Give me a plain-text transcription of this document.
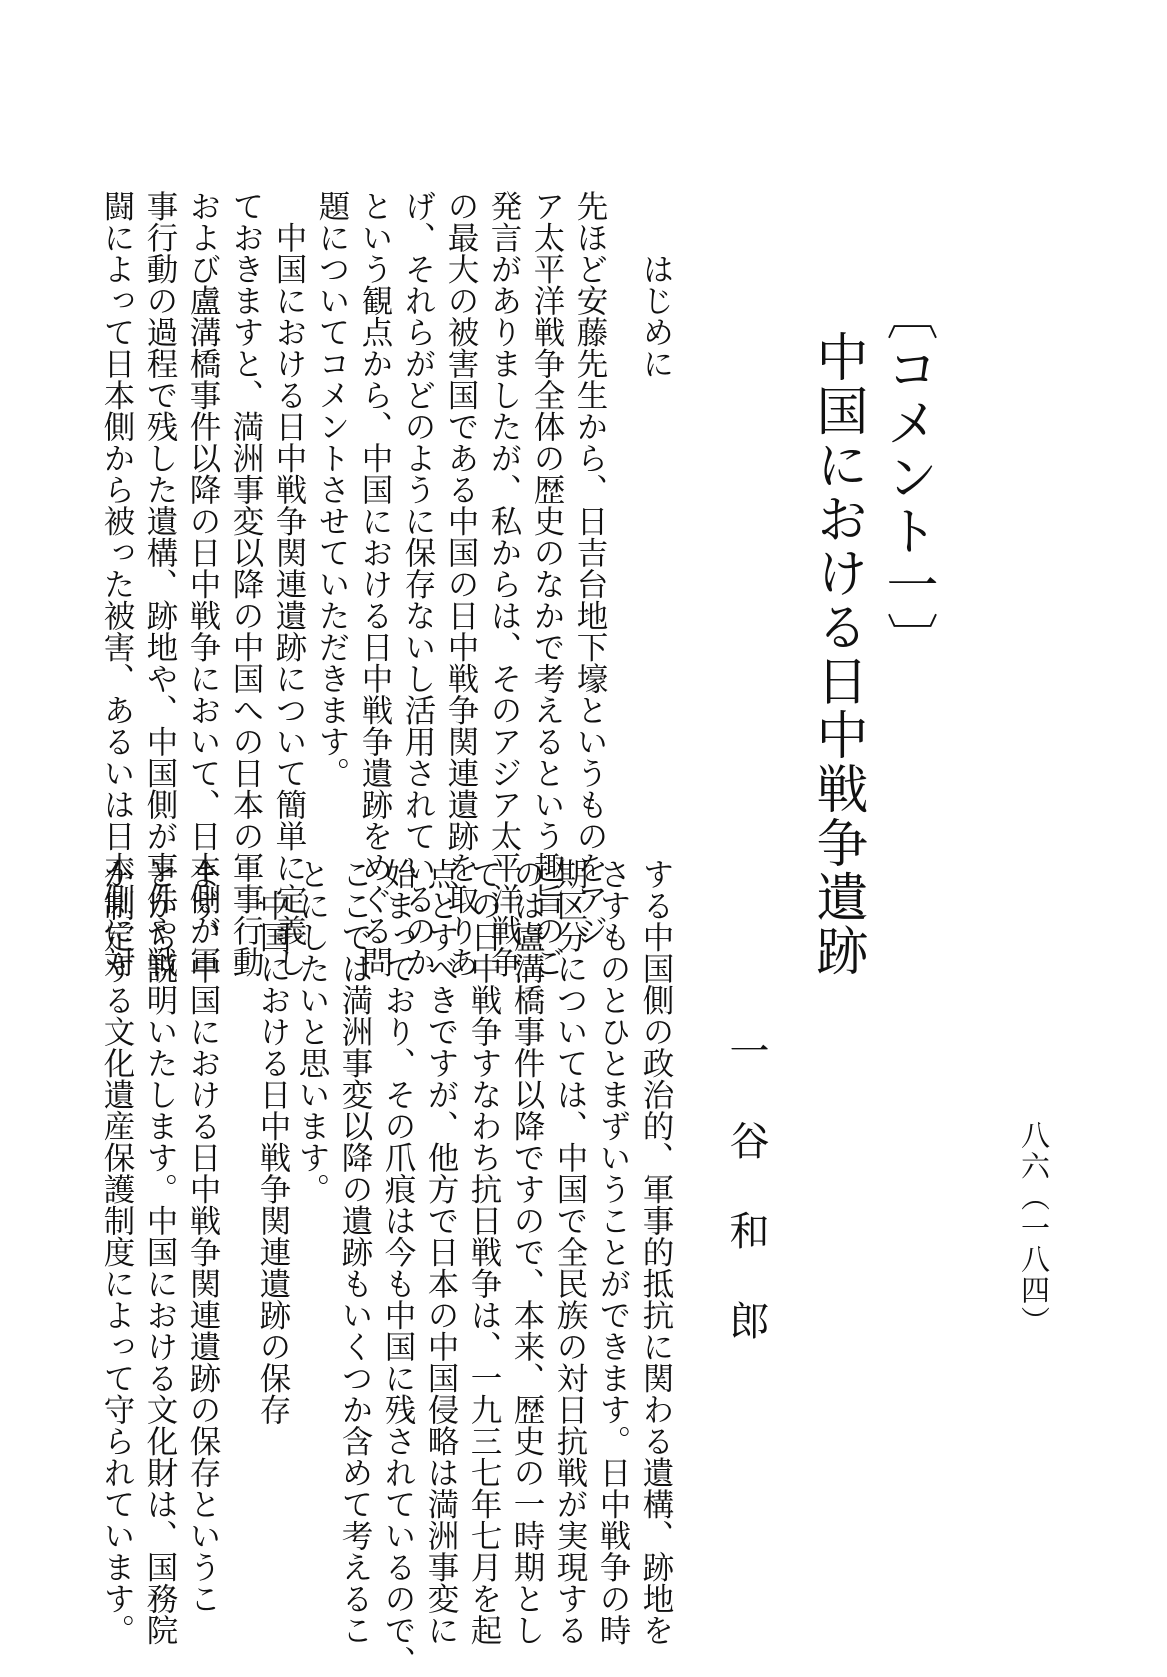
八六（一八四）
〔コメント一〕
中国における日中戦争遺跡
一谷和郎
　　はじめに
先ほど安藤先生から、日吉台地下壕というものをアジ
ア太平洋戦争全体の歴史のなかで考えるという趣旨のご
発言がありましたが、私からは、そのアジア太平洋戦争
の最大の被害国である中国の日中戦争関連遺跡を取りあ
げ、それらがどのように保存ないし活用されているのか
という観点から、中国における日中戦争遺跡をめぐる問
題についてコメントさせていただきます。
　中国における日中戦争関連遺跡について簡単に定義し
ておきますと、満洲事変以降の中国への日本の軍事行動
および盧溝橋事件以降の日中戦争において、日本側が軍
事行動の過程で残した遺構、跡地や、中国側が事件や戦
闘によって日本側から被った被害、あるいは日本側に対
する中国側の政治的、軍事的抵抗に関わる遺構、跡地を
さすものとひとまずいうことができます。日中戦争の時
期区分については、中国で全民族の対日抗戦が実現する
のは盧溝橋事件以降ですので、本来、歴史の一時期とし
ての日中戦争すなわち抗日戦争は、一九三七年七月を起
点とすべきですが、他方で日本の中国侵略は満洲事変に
始まっており、その爪痕は今も中国に残されているので、
ここでは満洲事変以降の遺跡もいくつか含めて考えるこ
とにしたいと思います。
　中国における日中戦争関連遺跡の保存
まず、中国における日中戦争関連遺跡の保存というこ
とから説明いたします。中国における文化財は、国務院
が制定する文化遺産保護制度によって守られています。
